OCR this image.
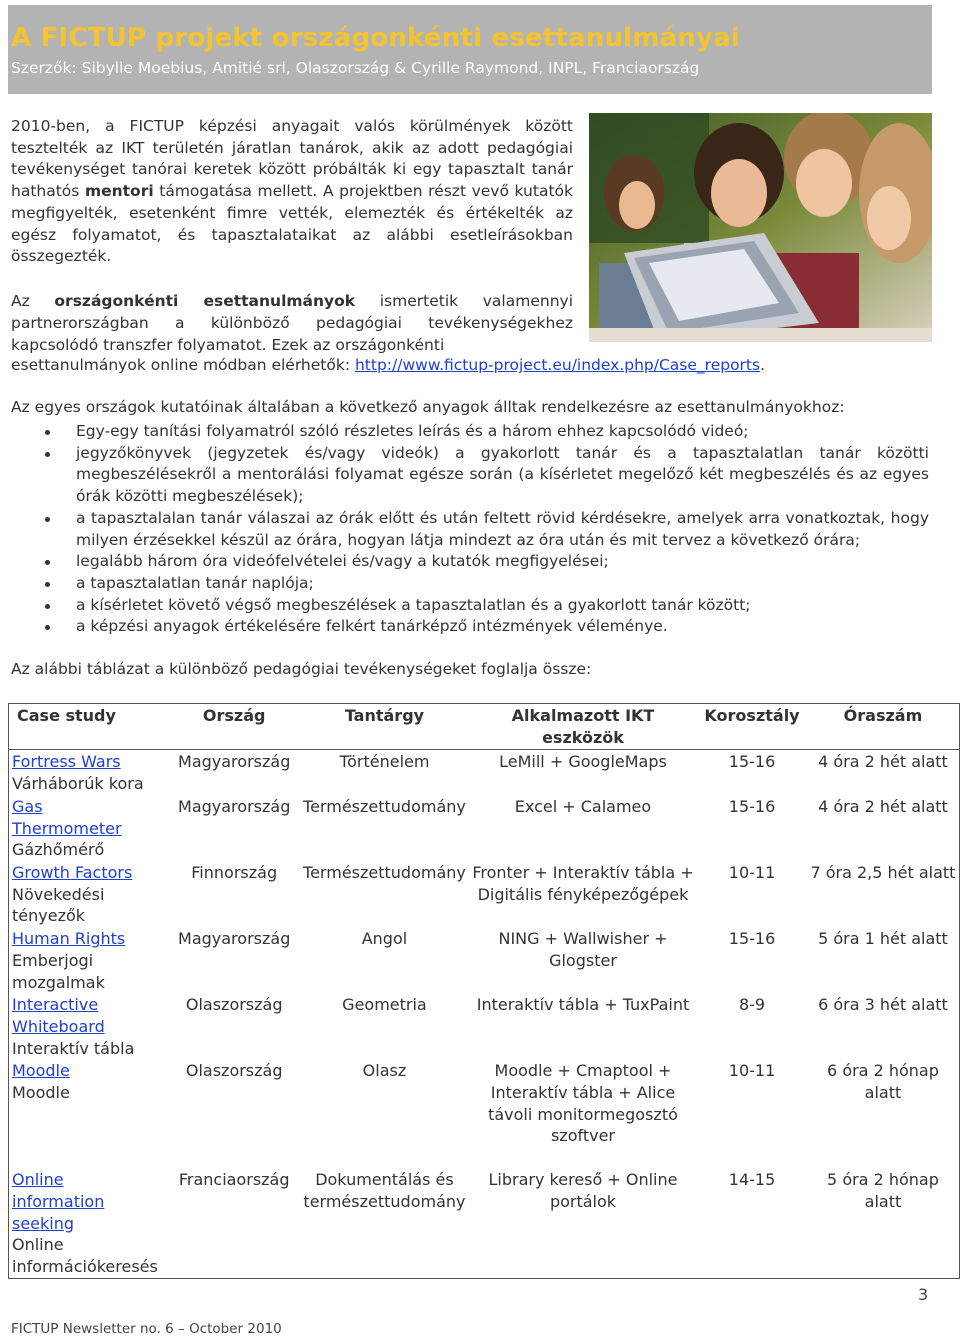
A FICTUP projekt országonkénti esettanulmányai
Szerzők: Sibylle Moebius, Amitié srl, Olaszország & Cyrille Raymond, INPL, Franciaország
2010-ben, a FICTUP képzési anyagait valós körülmények között tesztelték az IKT területén járatlan tanárok, akik az adott pedagógiai tevékenységet tanórai keretek között próbálták ki egy tapasztalt tanár hathatós mentori támogatása mellett. A projektben részt vevő kutatók megfigyelték, esetenként fimre vették, elemezték és értékelték az egész folyamatot, és tapasztalataikat az alábbi esetleírásokban összegezték.
Az országonkénti esettanulmányok ismertetik valamennyi partnerországban a különböző pedagógiai tevékenységekhez kapcsolódó transzfer folyamatot. Ezek az országonkénti
esettanulmányok online módban elérhetők: http://www.fictup-project.eu/index.php/Case_reports.
Az egyes országok kutatóinak általában a következő anyagok álltak rendelkezésre az esettanulmányokhoz:
Egy-egy tanítási folyamatról szóló részletes leírás és a három ehhez kapcsolódó videó;
jegyzőkönyvek (jegyzetek és/vagy videók) a gyakorlott tanár és a tapasztalatlan tanár közötti megbeszélésekről a mentorálási folyamat egésze során (a kísérletet megelőző két megbeszélés és az egyes órák közötti megbeszélések);
a tapasztalalan tanár válaszai az órák előtt és után feltett rövid kérdésekre, amelyek arra vonatkoztak, hogy milyen érzésekkel készül az órára, hogyan látja mindezt az óra után és mit tervez a következő órára;
legalább három óra videófelvételei és/vagy a kutatók megfigyelései;
a tapasztalatlan tanár naplója;
a kísérletet követő végső megbeszélések a tapasztalatlan és a gyakorlott tanár között;
a képzési anyagok értékelésére felkért tanárképző intézmények véleménye.
Az alábbi táblázat a különböző pedagógiai tevékenységeket foglalja össze:
Case study	Ország	Tantárgy	Alkalmazott IKT eszközök	Korosztály	Óraszám

Fortress Wars
Várháborúk kora	Magyarország	Történelem	LeMill + GoogleMaps	15-16	4 óra 2 hét alatt

Gas Thermometer
Gázhőmérő	Magyarország	Természettudomány	Excel + Calameo	15-16	4 óra 2 hét alatt

Growth Factors
Növekedési tényezők	Finnország	Természettudomány	Fronter + Interaktív tábla + Digitális fényképezőgépek	10-11	7 óra 2,5 hét alatt

Human Rights
Emberjogi mozgalmak	Magyarország	Angol	NING + Wallwisher + Glogster	15-16	5 óra 1 hét alatt

Interactive Whiteboard
Interaktív tábla	Olaszország	Geometria	Interaktív tábla + TuxPaint	8-9	6 óra 3 hét alatt

Moodle
Moodle	Olaszország	Olasz	Moodle + Cmaptool + Interaktív tábla + Alice távoli monitormegosztó szoftver	10-11	6 óra 2 hónap alatt

Online information seeking
Online információkeresés	Franciaország	Dokumentálás és természettudomány	Library kereső + Online portálok	14-15	5 óra 2 hónap alatt
3
FICTUP Newsletter no. 6 – October 2010
